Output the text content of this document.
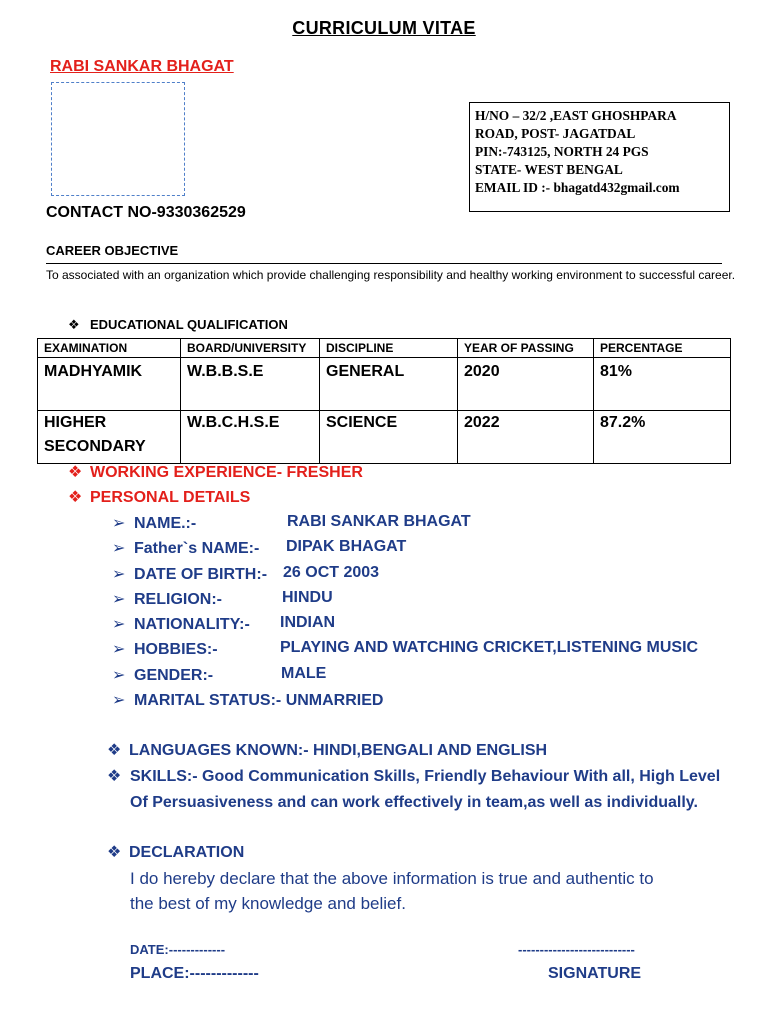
CURRICULUM VITAE
RABI SANKAR BHAGAT
H/NO – 32/2 ,EAST GHOSHPARA
ROAD, POST- JAGATDAL
PIN:-743125, NORTH 24 PGS
STATE- WEST BENGAL
EMAIL ID :- bhagatd432gmail.com
CONTACT NO-9330362529
CAREER OBJECTIVE
To associated with an organization which provide challenging responsibility and healthy working environment to successful career.
❖ EDUCATIONAL QUALIFICATION
EXAMINATION	BOARD/UNIVERSITY	DISCIPLINE	YEAR OF PASSING	PERCENTAGE
MADHYAMIK	W.B.B.S.E	GENERAL	2020	81%
HIGHER SECONDARY	W.B.C.H.S.E	SCIENCE	2022	87.2%
❖ WORKING EXPERIENCE- FRESHER
❖ PERSONAL DETAILS
➢ NAME.:-	RABI SANKAR BHAGAT
➢ Father`s NAME:- DIPAK BHAGAT
➢ DATE OF BIRTH:- 26 OCT 2003
➢ RELIGION:-	HINDU
➢ NATIONALITY:- INDIAN
➢ HOBBIES:-	PLAYING AND WATCHING CRICKET,LISTENING MUSIC
➢ GENDER:-	MALE
➢ MARITAL STATUS:- UNMARRIED
❖ LANGUAGES KNOWN:- HINDI,BENGALI AND ENGLISH
❖ SKILLS:- Good Communication Skills, Friendly Behaviour With all, High Level Of Persuasiveness and can work effectively in team,as well as individually.
❖ DECLARATION
I do hereby declare that the above information is true and authentic to
the best of my knowledge and belief.
DATE:-------------
PLACE:-------------
---------------------------
SIGNATURE
